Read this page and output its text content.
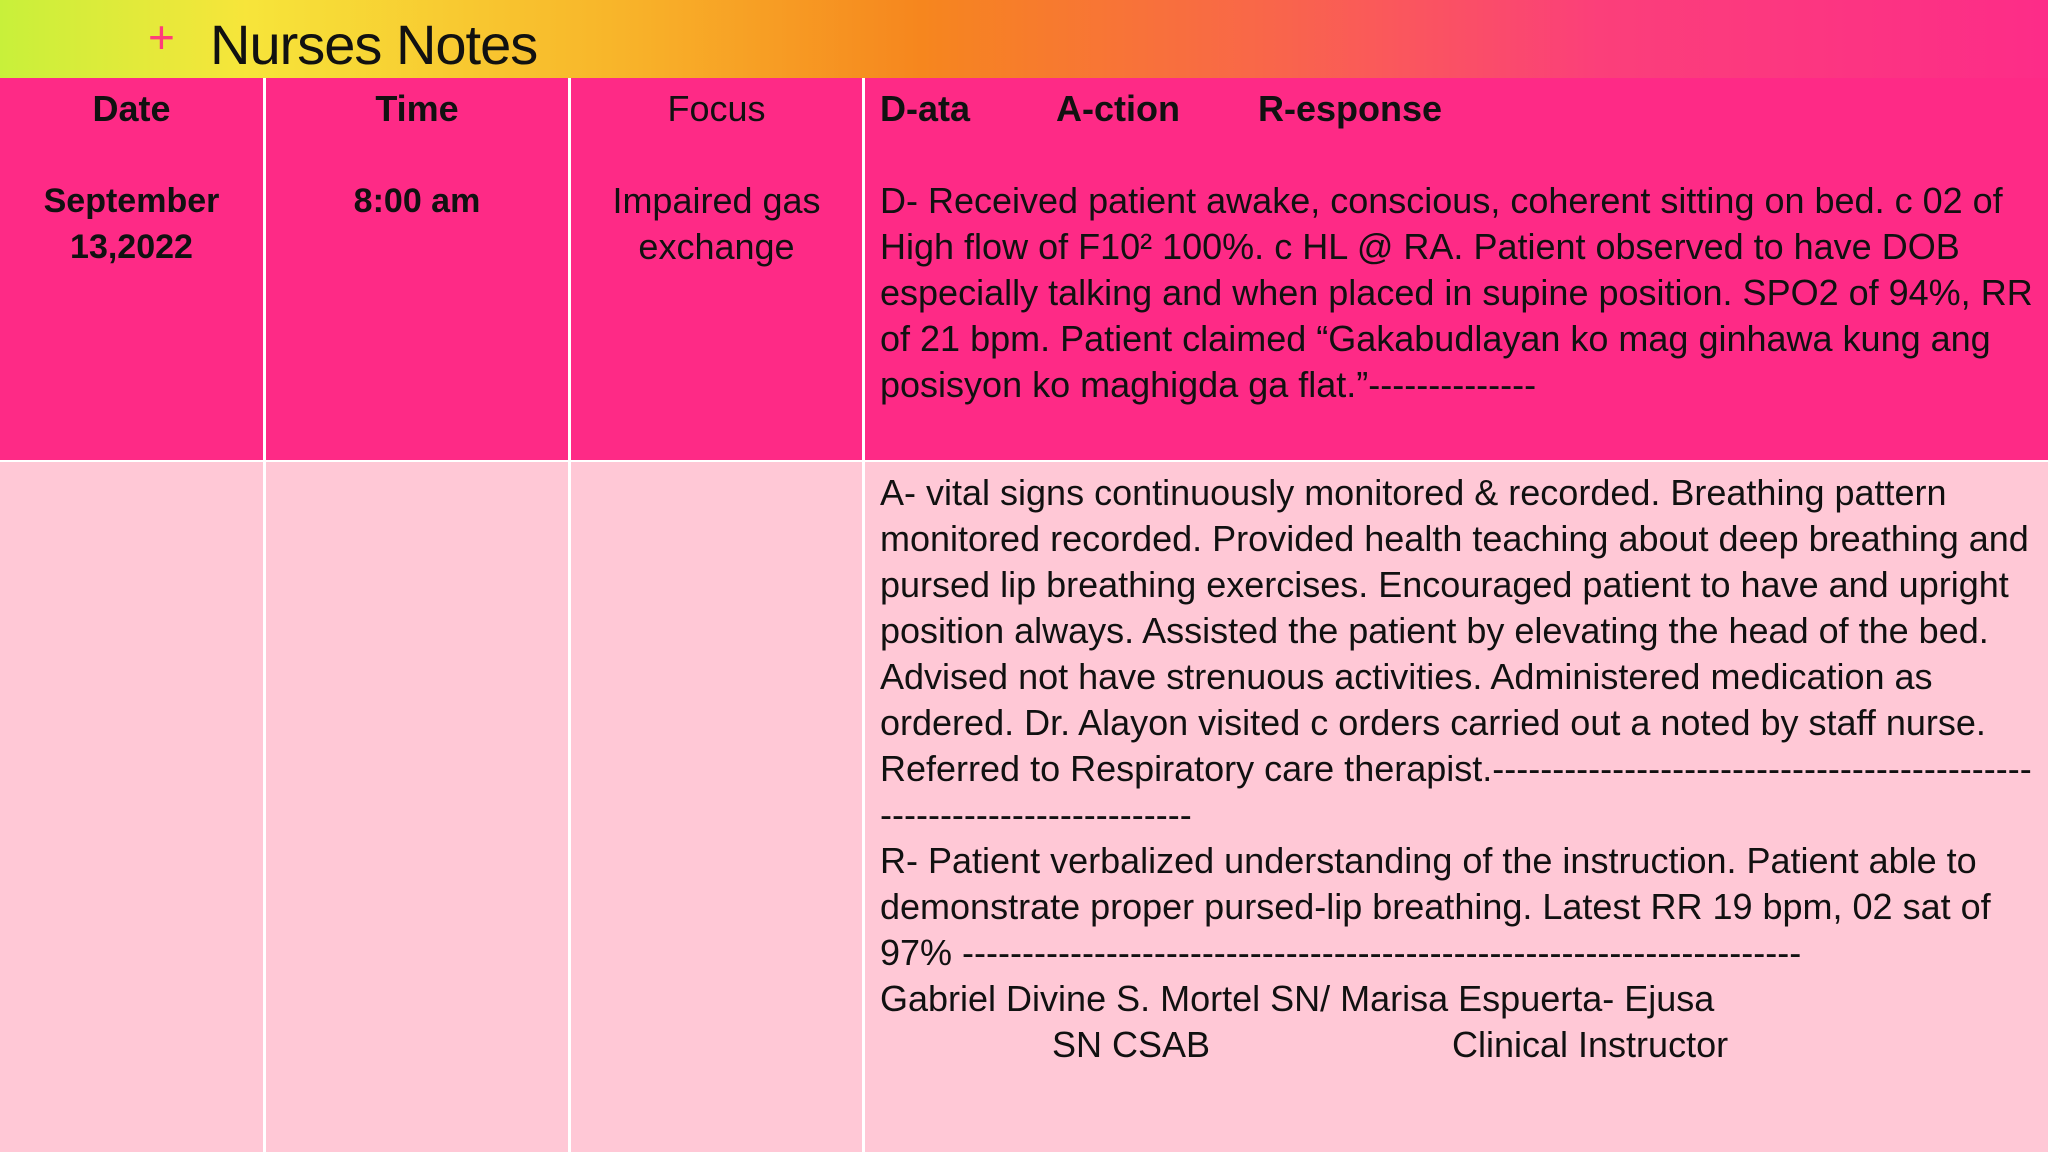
+ Nurses Notes
Date
September
13,2022
Time
8:00 am
Focus
Impaired gas
exchange
D-ata A-ction R-esponse
D- Received patient awake, conscious, coherent sitting on bed. c 02 of High flow of F10² 100%. c HL @ RA. Patient observed to have DOB especially talking and when placed in supine position. SPO2 of 94%, RR of 21 bpm. Patient claimed “Gakabudlayan ko mag ginhawa kung ang posisyon ko maghigda ga flat.”--------------
A- vital signs continuously monitored & recorded. Breathing pattern monitored recorded. Provided health teaching about deep breathing and pursed lip breathing exercises. Encouraged patient to have and upright position always. Assisted the patient by elevating the head of the bed. Advised not have strenuous activities. Administered medication as ordered. Dr. Alayon visited c orders carried out a noted by staff nurse. Referred to Respiratory care therapist.-----------------------------------------------------------------------
R- Patient verbalized understanding of the instruction. Patient able to demonstrate proper pursed-lip breathing. Latest RR 19 bpm, 02 sat of 97% ----------------------------------------------------------------------
Gabriel Divine S. Mortel SN/ Marisa Espuerta- Ejusa
SN CSAB	Clinical Instructor
